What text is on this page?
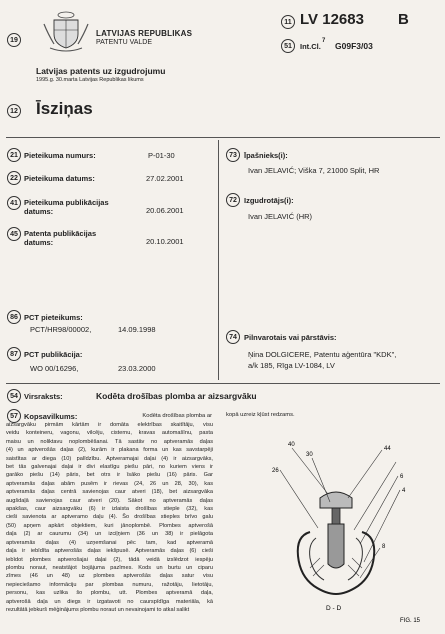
19
LATVIJAS REPUBLIKAS
PATENTU VALDE
11 LV 12683 B
51	Int.Cl.
7 G09F3/03
Latvijas patents uz izgudrojumu
1995.g. 30.marta Latvijas Republikas likums
12 Īsziņas
21 Pieteikuma numurs:	P-01-30
22 Pieteikuma datums:	27.02.2001
41 Pieteikuma publikācijas datums:	20.06.2001
45 Patenta publikācijas datums:	20.10.2001
86 PCT pieteikums:
PCT/HR98/00002,	14.09.1998
87 PCT publikācija:
WO 00/16296,	23.03.2000
73 Īpašnieks(i):
Ivan JELAVIĆ; Viška 7, 21000 Split, HR
72 Izgudrotājs(i):
Ivan JELAVIĆ (HR)
74 Pilnvarotais vai pārstāvis:
Ņina DOLGICERE, Patentu aģentūra "KDK",
a/k 185, Rīga LV-1084, LV
54 Virsraksts:	Kodēta drošības plomba ar aizsargvāku
57 Kopsavilkums:	Kodēta drošības plomba ar
aizsargvāku pirmām kārtām ir domāta elektrības skaitītāju, visu
veidu konteineru, vagonu, vilcēju, cisternu, kravas automašīnu, pasta
maisu un noliktavu noplombēšanai. Tā sastāv no aptveramās daļas
(4) un aptverošās daļas (2), kurām ir plakana forma un kas savstarpēji
saistītas ar diega (10) palīdzību. Aptveramajai daļai (4) ir aizsargvāks,
bet tās galvenajai daļai ir divi elastīgu piešu pāri, no kuriem viens ir
garāko piešu (14) pāris, bet otrs ir īsāko piešu (16) pāris. Gar
aptveramās daļas abām pusēm ir rievas (24, 26 un 28, 30), kas
aptveramās daļas centrā savienojas caur atveri (18), bet aizsargvāka
augšdaļā savienojas caur atveri (20). Sākot no aptveramās daļas
apakšas, caur aizsargvāku (6) ir izlaista drošības stieple (32), kas
cieši savienota ar aptveramo daļu (4). Šo drošības stieples brīvo galu
(50) apņem apkārt objektiem, kuri jānoplombē. Plombes aptverošā
daļa (2) ar caurumu (34) un izciļņiem (36 un 38) ir pielāgota
aptveramās daļas (4) uzņemšanai pēc tam, kad aptveramā
daļa ir iebīdīta aptverošās daļas iekšpusē. Aptveramās daļas (6) cieši
iebīdot plombes aptverošajai daļai (2), tādā veidā izslēdzot iespēju
plombu noraut, neatstājot bojājuma pazīmes. Kods un burtu un ciparu
zīmes (46 un 48) uz plombes aptverošās daļas satur visu
nepieciešamo informāciju par plombas numuru, ražotāju, lietotāju,
personu, kas uzlika šo plombu, utt. Plombes aptveramā daļa,
aptverošā daļa un diegs ir izgatavoti no caurspīdīga materiāla, kā
rezultātā jebkurš mēģinājums plombu noraut un nevainojami to atkal salikt
kopā uzreiz kļūst redzams.
40
30
26
44
6
4
8
D - D
FIG. 15
